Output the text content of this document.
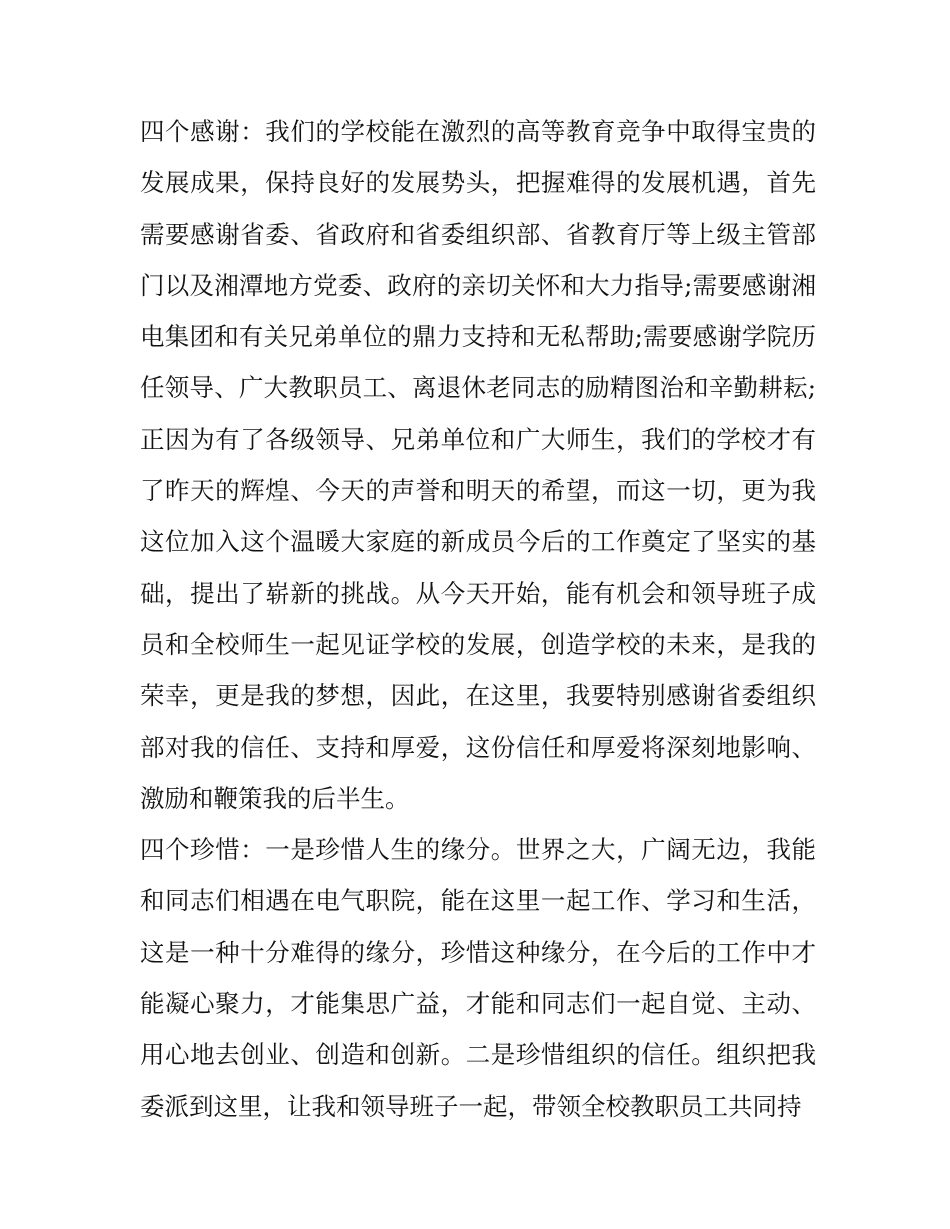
四个感谢：我们的学校能在激烈的高等教育竞争中取得宝贵的发展成果，保持良好的发展势头，把握难得的发展机遇，首先需要感谢省委、省政府和省委组织部、省教育厅等上级主管部门以及湘潭地方党委、政府的亲切关怀和大力指导;需要感谢湘电集团和有关兄弟单位的鼎力支持和无私帮助;需要感谢学院历任领导、广大教职员工、离退休老同志的励精图治和辛勤耕耘;正因为有了各级领导、兄弟单位和广大师生，我们的学校才有了昨天的辉煌、今天的声誉和明天的希望，而这一切，更为我这位加入这个温暖大家庭的新成员今后的工作奠定了坚实的基础，提出了崭新的挑战。从今天开始，能有机会和领导班子成员和全校师生一起见证学校的发展，创造学校的未来，是我的荣幸，更是我的梦想，因此，在这里，我要特别感谢省委组织部对我的信任、支持和厚爱，这份信任和厚爱将深刻地影响、激励和鞭策我的后半生。

四个珍惜：一是珍惜人生的缘分。世界之大，广阔无边，我能和同志们相遇在电气职院，能在这里一起工作、学习和生活，这是一种十分难得的缘分，珍惜这种缘分，在今后的工作中才能凝心聚力，才能集思广益，才能和同志们一起自觉、主动、用心地去创业、创造和创新。二是珍惜组织的信任。组织把我委派到这里，让我和领导班子一起，带领全校教职员工共同持
